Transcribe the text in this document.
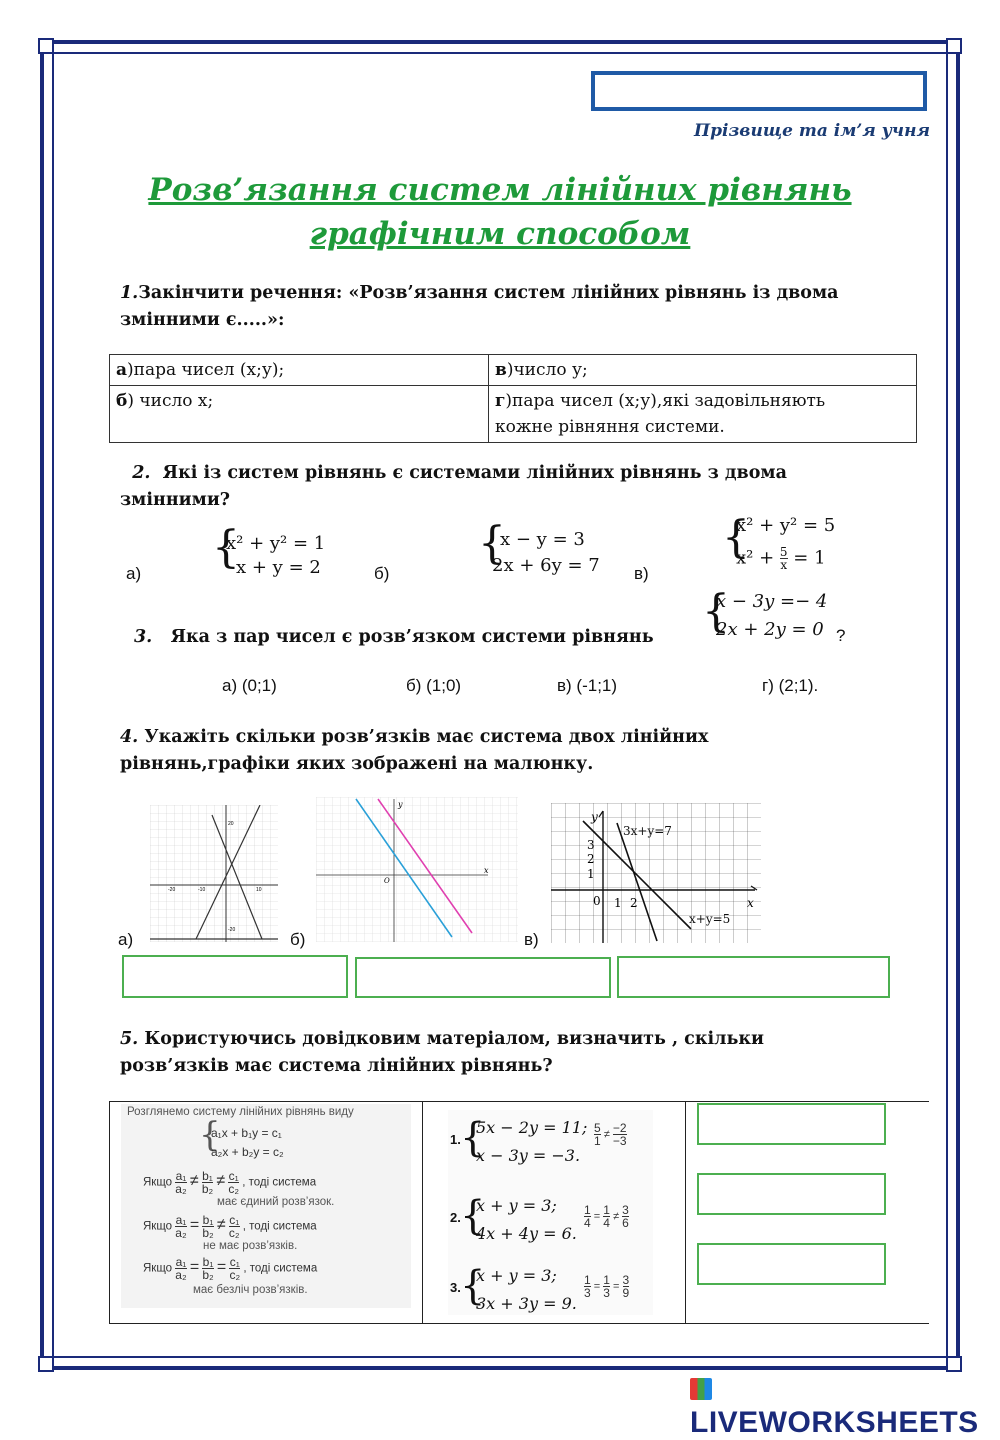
Прізвище та ім’я учня
Розв’язання систем лінійних рівнянь
графічним способом
1.Закінчити речення: «Розв’язання систем лінійних рівнянь із двома
змінними є.....»:
а)пара чисел (х;у);	в)число у;
б) число х;	г)пара чисел (х;у),які задовільняють
кожне рівняння системи.
2. Які із систем рівнянь є системами лінійних рівнянь з двома
змінними?
а)	б)	в)
{
x² + y² = 1
x + y = 2	{
x − y = 3
2x + 6y = 7
{
x² + y² = 5
$x^2 + \frac{5}{x} = 1$
3. Яка з пар чисел є розв’язком системи рівнянь {
x − 3y =− 4
2x + 2y = 0 ?
а) (0;1)	б) (1;0)	в) (-1;1)	г) (2;1).
4. Укажіть скільки розв’язків має система двох лінійних
рівнянь,графіки яких зображені на малюнку.
а)	б)	в)
-20	-10	10
20
-20
y
x
O
y
x
3x+y=7
x+y=5
3
2
1
0 1 2
5. Користуючись довідковим матеріалом, визначить , скільки
розв’язків має система лінійних рівнянь?
Розглянемо систему лінійних рівнянь виду
{
a₁x + b₁y = c₁
a₂x + b₂y = c₂
Якщо $\frac{\text{a₁}}{\text{a₂}} \ne \frac{\text{b₁}}{\text{b₂}} \ne \frac{\text{c₁}}{\text{c₂}}$ , тоді система
має єдиний розв’язок.
Якщо $\frac{\text{a₁}}{\text{a₂}} = \frac{\text{b₁}}{\text{b₂}} \ne \frac{\text{c₁}}{\text{c₂}}$ , тоді система
не має розв’язків.
Якщо $\frac{\text{a₁}}{\text{a₂}} = \frac{\text{b₁}}{\text{b₂}} = \frac{\text{c₁}}{\text{c₂}}$ , тоді система
має безліч розв’язків.
1. {
5x − 2y = 11;
x − 3y = −3.
$\frac{5}{1} \ne \frac{-2}{-3}$
2. {
x + y = 3;
4x + 4y = 6.
$\frac{1}{4} = \frac{1}{4} \ne \frac{3}{6}$
3. {
x + y = 3;
3x + 3y = 9.
$\frac{1}{3} = \frac{1}{3} = \frac{3}{9}$
LIVEWORKSHEETS
